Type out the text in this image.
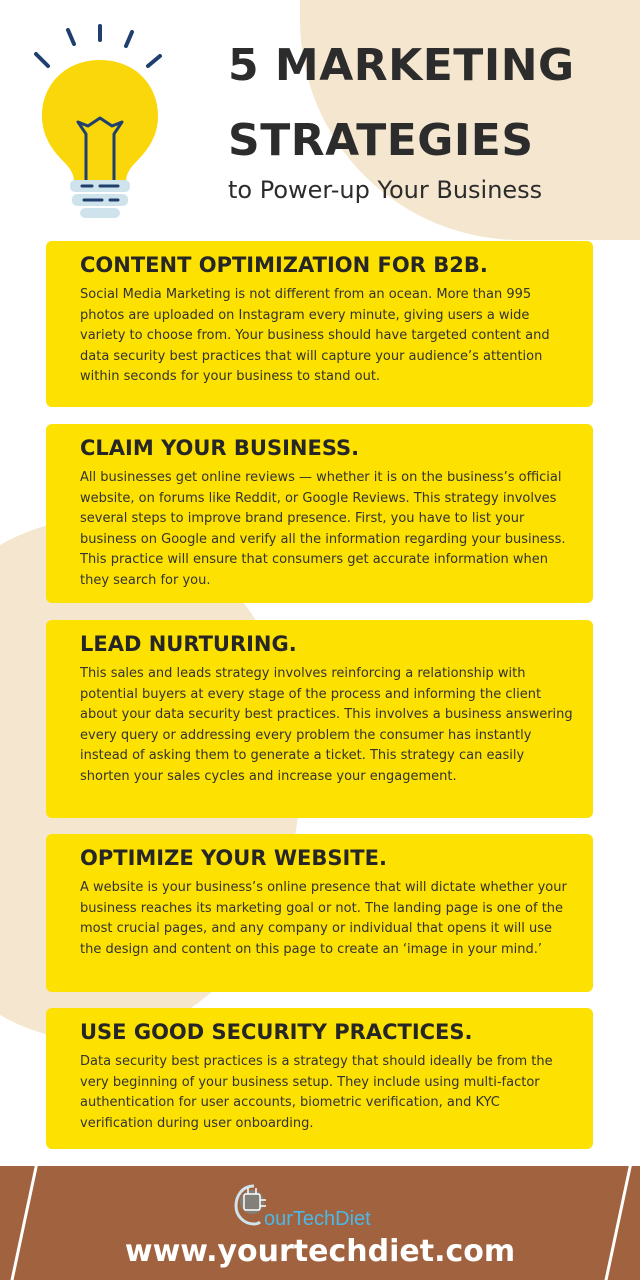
5 MARKETING
STRATEGIES

to Power-up Your Business

CONTENT OPTIMIZATION FOR B2B.

Social Media Marketing is not different from an ocean. More than 995 photos are uploaded on Instagram every minute, giving users a wide variety to choose from. Your business should have targeted content and data security best practices that will capture your audience’s attention within seconds for your business to stand out.

CLAIM YOUR BUSINESS.

All businesses get online reviews — whether it is on the business’s official website, on forums like Reddit, or Google Reviews. This strategy involves several steps to improve brand presence. First, you have to list your business on Google and verify all the information regarding your business. This practice will ensure that consumers get accurate information when they search for you.

LEAD NURTURING.

This sales and leads strategy involves reinforcing a relationship with potential buyers at every stage of the process and informing the client about your data security best practices. This involves a business answering every query or addressing every problem the consumer has instantly instead of asking them to generate a ticket. This strategy can easily shorten your sales cycles and increase your engagement.

OPTIMIZE YOUR WEBSITE.

A website is your business’s online presence that will dictate whether your business reaches its marketing goal or not. The landing page is one of the most crucial pages, and any company or individual that opens it will use the design and content on this page to create an ‘image in your mind.’

USE GOOD SECURITY PRACTICES.

Data security best practices is a strategy that should ideally be from the very beginning of your business setup. They include using multi-factor authentication for user accounts, biometric verification, and KYC verification during user onboarding.

ourTechDiet

www.yourtechdiet.com
